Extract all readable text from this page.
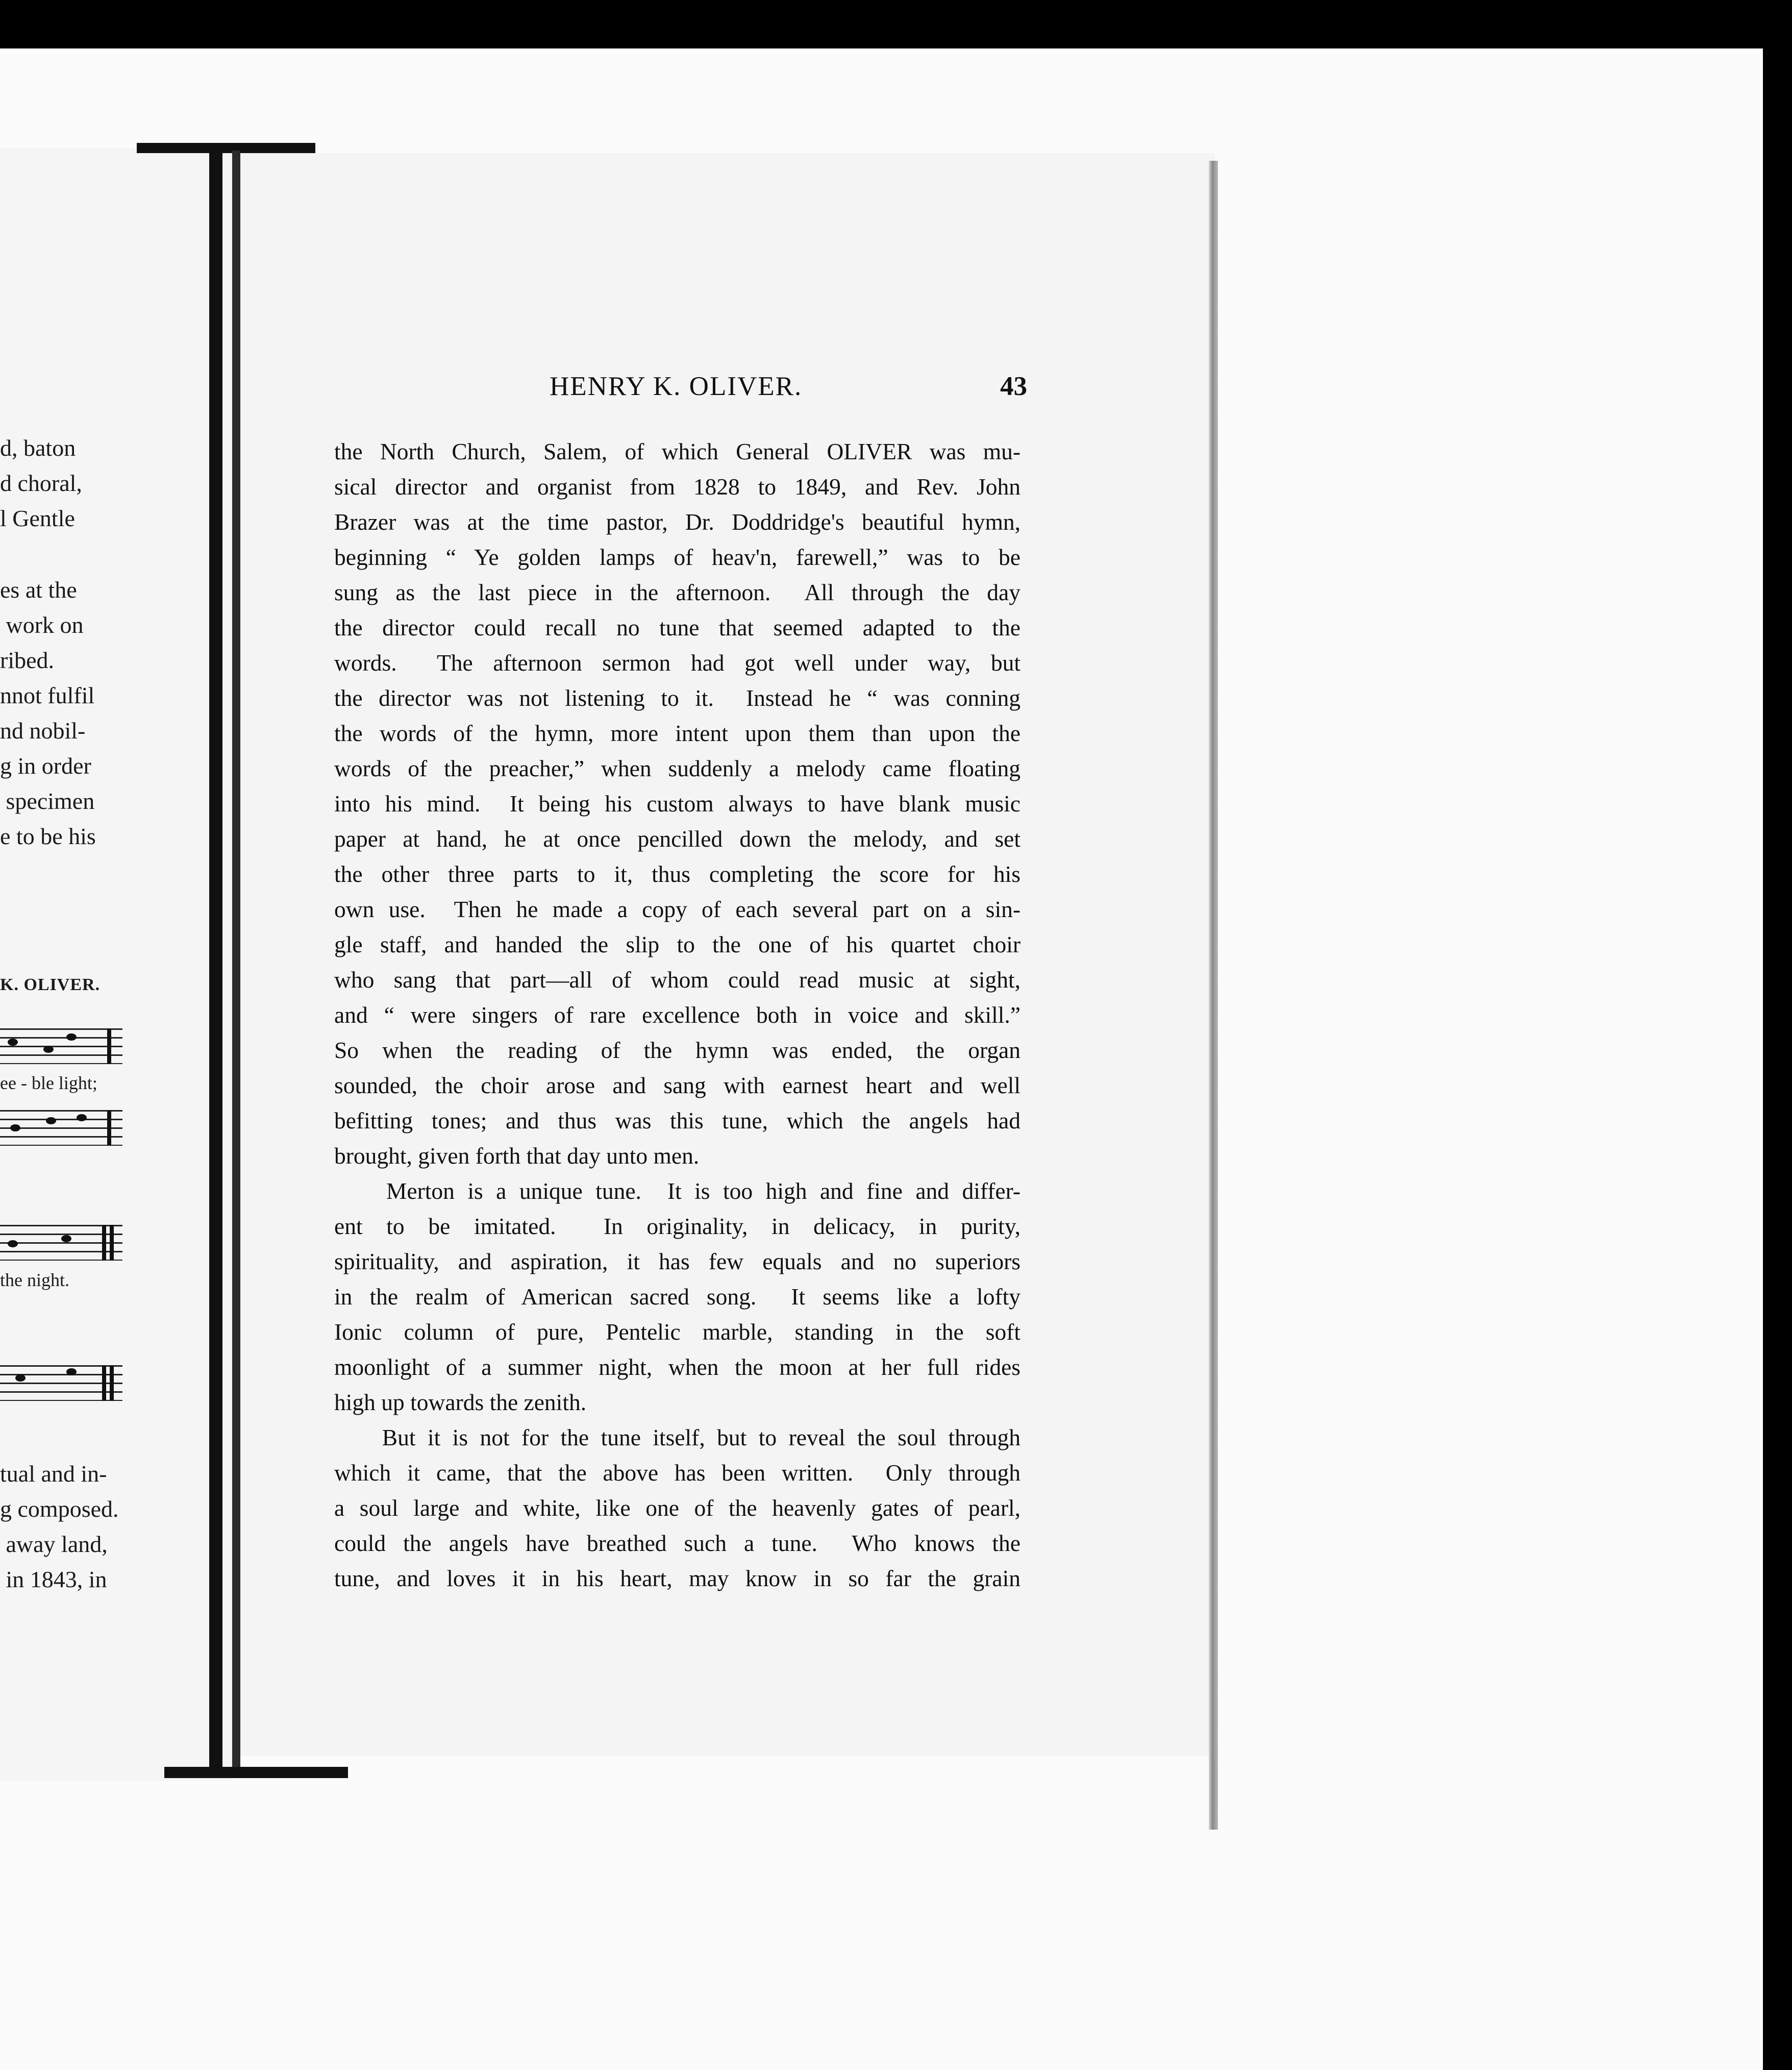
K. OLIVER.
ee - ble light;
the night.
d, baton
d choral,
l Gentle
es at the
work on
ribed.
nnot fulfil
nd nobil-
g in order
specimen
e to be his
tual and in-
g composed.
away land,
in 1843, in
HENRY K. OLIVER.	43
the North Church, Salem, of which General OLIVER was mu-
sical director and organist from 1828 to 1849, and Rev. John
Brazer was at the time pastor, Dr. Doddridge's beautiful hymn,
beginning “ Ye golden lamps of heav'n, farewell,” was to be
sung as the last piece in the afternoon.  All through the day
the director could recall no tune that seemed adapted to the
words.  The afternoon sermon had got well under way, but
the director was not listening to it.  Instead he “ was conning
the words of the hymn, more intent upon them than upon the
words of the preacher,” when suddenly a melody came floating
into his mind.  It being his custom always to have blank music
paper at hand, he at once pencilled down the melody, and set
the other three parts to it, thus completing the score for his
own use.  Then he made a copy of each several part on a sin-
gle staff, and handed the slip to the one of his quartet choir
who sang that part—all of whom could read music at sight,
and “ were singers of rare excellence both in voice and skill.”
So when the reading of the hymn was ended, the organ
sounded, the choir arose and sang with earnest heart and well
befitting tones; and thus was this tune, which the angels had
brought, given forth that day unto men.
Merton is a unique tune.  It is too high and fine and differ-
ent to be imitated.  In originality, in delicacy, in purity,
spirituality, and aspiration, it has few equals and no superiors
in the realm of American sacred song.  It seems like a lofty
Ionic column of pure, Pentelic marble, standing in the soft
moonlight of a summer night, when the moon at her full rides
high up towards the zenith.
But it is not for the tune itself, but to reveal the soul through
which it came, that the above has been written.  Only through
a soul large and white, like one of the heavenly gates of pearl,
could the angels have breathed such a tune.  Who knows the
tune, and loves it in his heart, may know in so far the grain
